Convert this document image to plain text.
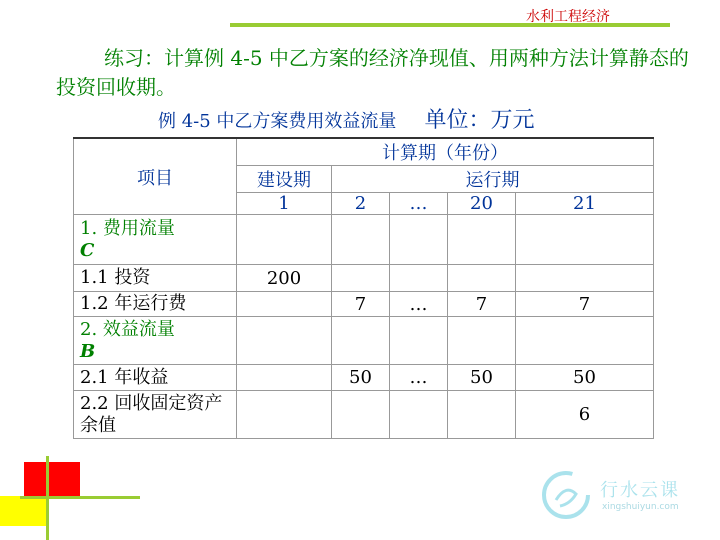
水利工程经济
练习：计算例 4-5 中乙方案的经济净现值、用两种方法计算静态的投资回收期。
例 4-5 中乙方案费用效益流量 单位：万元
项目	计算期（年份）				
	建设期	运行期			
	1	2	…	20	21
1. 费用流量
C					
1.1 投资	200				
1.2 年运行费		7	…	7	7
2. 效益流量
B					
2.1 年收益		50	…	50	50
2.2 回收固定资产余值					6
行水云课
xingshuiyun.com
